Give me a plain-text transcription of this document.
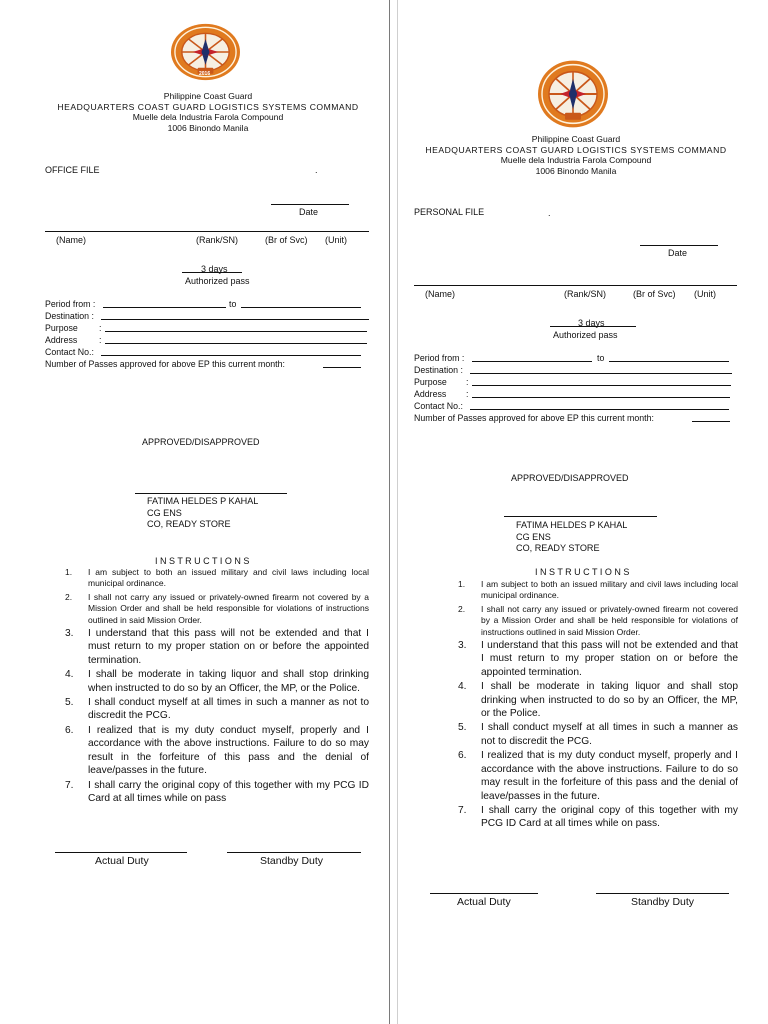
2016
Philippine Coast Guard
HEADQUARTERS COAST GUARD LOGISTICS SYSTEMS COMMAND
Muelle dela Industria Farola Compound
1006 Binondo Manila
OFFICE FILE	.
Date
(Name)	(Rank/SN)	(Br of Svc) (Unit)
3 days
Authorized pass
Period from :	to
Destination :
Purpose :
Address :
Contact No.:
Number of Passes approved for above EP this current month:
APPROVED/DISAPPROVED
FATIMA HELDES P KAHAL
CG ENS
CO, READY STORE
I N S T R U C T I O N S
1. I am subject to both an issued military and civil laws including local municipal ordinance.
2. I shall not carry any issued or privately-owned firearm not covered by a Mission Order and shall be held responsible for violations of instructions outlined in said Mission Order.
3. I understand that this pass will not be extended and that I must return to my proper station on or before the appointed termination.
4. I shall be moderate in taking liquor and shall stop drinking when instructed to do so by an Officer, the MP, or the Police.
5. I shall conduct myself at all times in such a manner as not to discredit the PCG.
6. I realized that is my duty conduct myself, properly and I accordance with the above instructions. Failure to do so may result in the forfeiture of this pass and the denial of leave/passes in the future.
7. I shall carry the original copy of this together with my PCG ID Card at all times while on pass
Actual Duty	Standby Duty
Philippine Coast Guard
HEADQUARTERS COAST GUARD LOGISTICS SYSTEMS COMMAND
Muelle dela Industria Farola Compound
1006 Binondo Manila
PERSONAL FILE	.
Date
(Name)	(Rank/SN)	(Br of Svc) (Unit)
3 days
Authorized pass
Period from :	to
Destination :
Purpose :
Address :
Contact No.:
Number of Passes approved for above EP this current month:
APPROVED/DISAPPROVED
FATIMA HELDES P KAHAL
CG ENS
CO, READY STORE
I N S T R U C T I O N S
1. I am subject to both an issued military and civil laws including local municipal ordinance.
2. I shall not carry any issued or privately-owned firearm not covered by a Mission Order and shall be held responsible for violations of instructions outlined in said Mission Order.
3. I understand that this pass will not be extended and that I must return to my proper station on or before the appointed termination.
4. I shall be moderate in taking liquor and shall stop drinking when instructed to do so by an Officer, the MP, or the Police.
5. I shall conduct myself at all times in such a manner as not to discredit the PCG.
6. I realized that is my duty conduct myself, properly and I accordance with the above instructions. Failure to do so may result in the forfeiture of this pass and the denial of leave/passes in the future.
7. I shall carry the original copy of this together with my PCG ID Card at all times while on pass.
Actual Duty	Standby Duty
